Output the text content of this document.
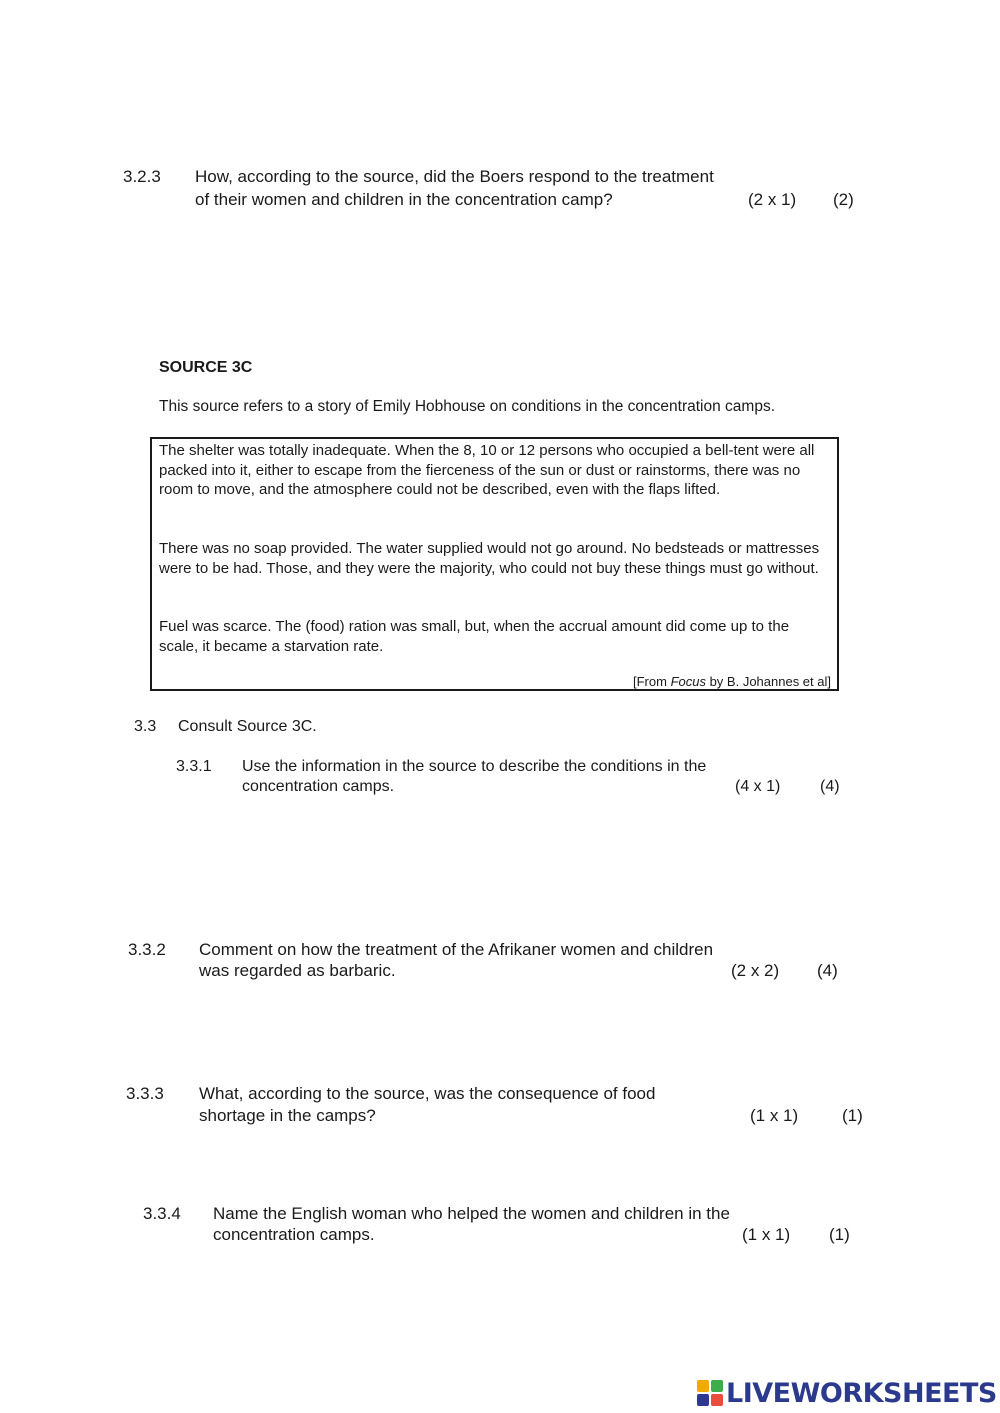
3.2.3 How, according to the source, did the Boers respond to the treatment
of their women and children in the concentration camp?	(2 x 1) (2)
SOURCE 3C
This source refers to a story of Emily Hobhouse on conditions in the concentration camps.
The shelter was totally inadequate. When the 8, 10 or 12 persons who occupied a bell-tent were all packed into it, either to escape from the fierceness of the sun or dust or rainstorms, there was no room to move, and the atmosphere could not be described, even with the flaps lifted.
There was no soap provided. The water supplied would not go around. No bedsteads or mattresses were to be had. Those, and they were the majority, who could not buy these things must go without.
Fuel was scarce. The (food) ration was small, but, when the accrual amount did come up to the scale, it became a starvation rate.
[From Focus by B. Johannes et al]
3.3 Consult Source 3C.
3.3.1 Use the information in the source to describe the conditions in the
concentration camps.	(4 x 1) (4)
3.3.2 Comment on how the treatment of the Afrikaner women and children
was regarded as barbaric.	(2 x 2) (4)
3.3.3 What, according to the source, was the consequence of food
shortage in the camps?	(1 x 1)	(1)
3.3.4 Name the English woman who helped the women and children in the
concentration camps.	(1 x 1) (1)
LIVEWORKSHEETS
